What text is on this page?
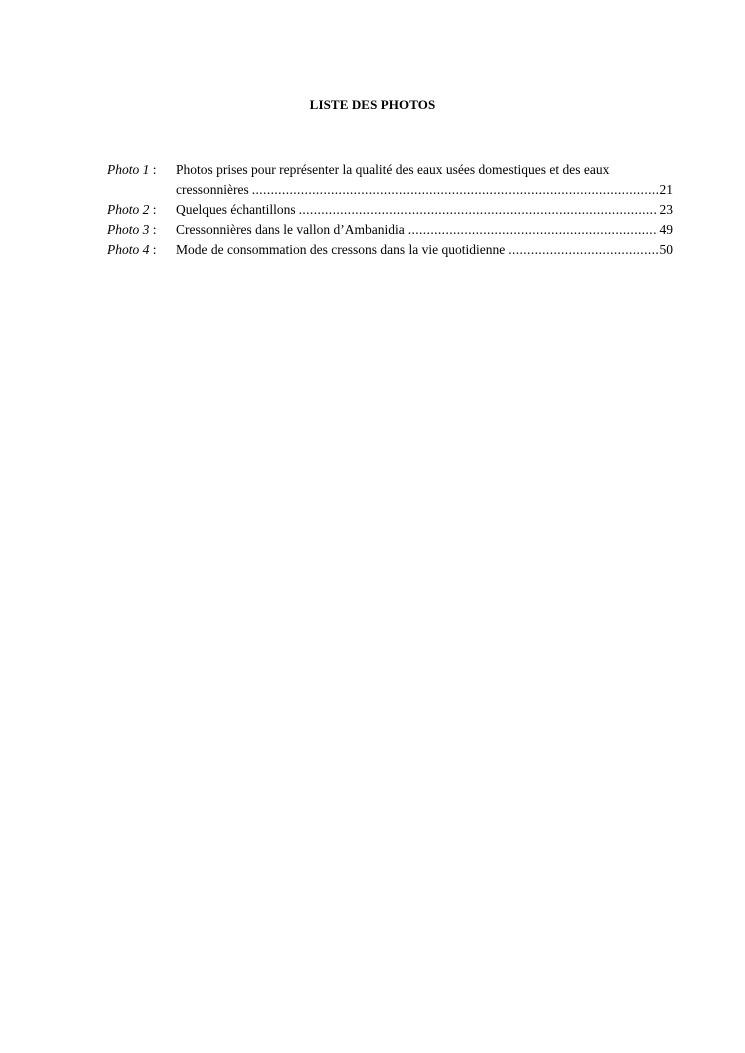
LISTE DES PHOTOS
Photo 1 :	Photos prises pour représenter la qualité des eaux usées domestiques et des eaux
cressonnières .....	21
Photo 2 :	Quelques échantillons .....	23
Photo 3 :	Cressonnières dans le vallon d’Ambanidia .....	49
Photo 4 :	Mode de consommation des cressons dans la vie quotidienne .....	50
